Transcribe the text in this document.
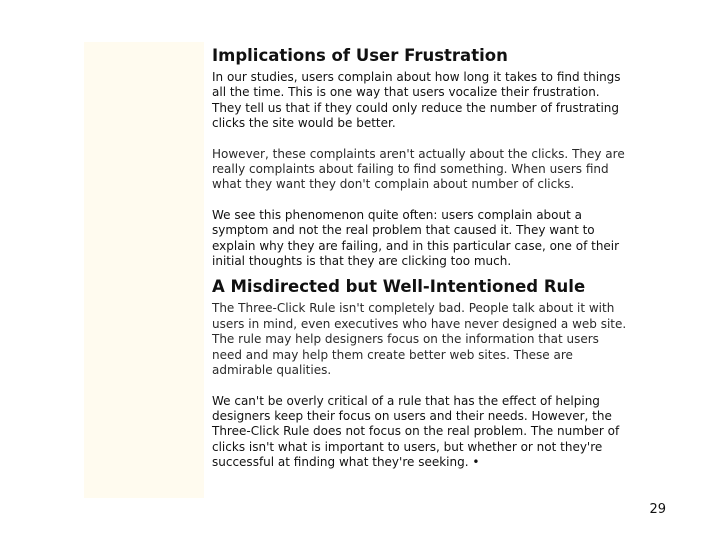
Implications of User Frustration

In our studies, users complain about how long it takes to find things all the time. This is one way that users vocalize their frustration. They tell us that if they could only reduce the number of frustrating clicks the site would be better.

However, these complaints aren't actually about the clicks. They are really complaints about failing to find something. When users find what they want they don't complain about number of clicks.

We see this phenomenon quite often: users complain about a symptom and not the real problem that caused it. They want to explain why they are failing, and in this particular case, one of their initial thoughts is that they are clicking too much.

A Misdirected but Well-Intentioned Rule

The Three-Click Rule isn't completely bad. People talk about it with users in mind, even executives who have never designed a web site. The rule may help designers focus on the information that users need and may help them create better web sites. These are admirable qualities.

We can't be overly critical of a rule that has the effect of helping designers keep their focus on users and their needs. However, the Three-Click Rule does not focus on the real problem. The number of clicks isn't what is important to users, but whether or not they're successful at finding what they're seeking. •

29
